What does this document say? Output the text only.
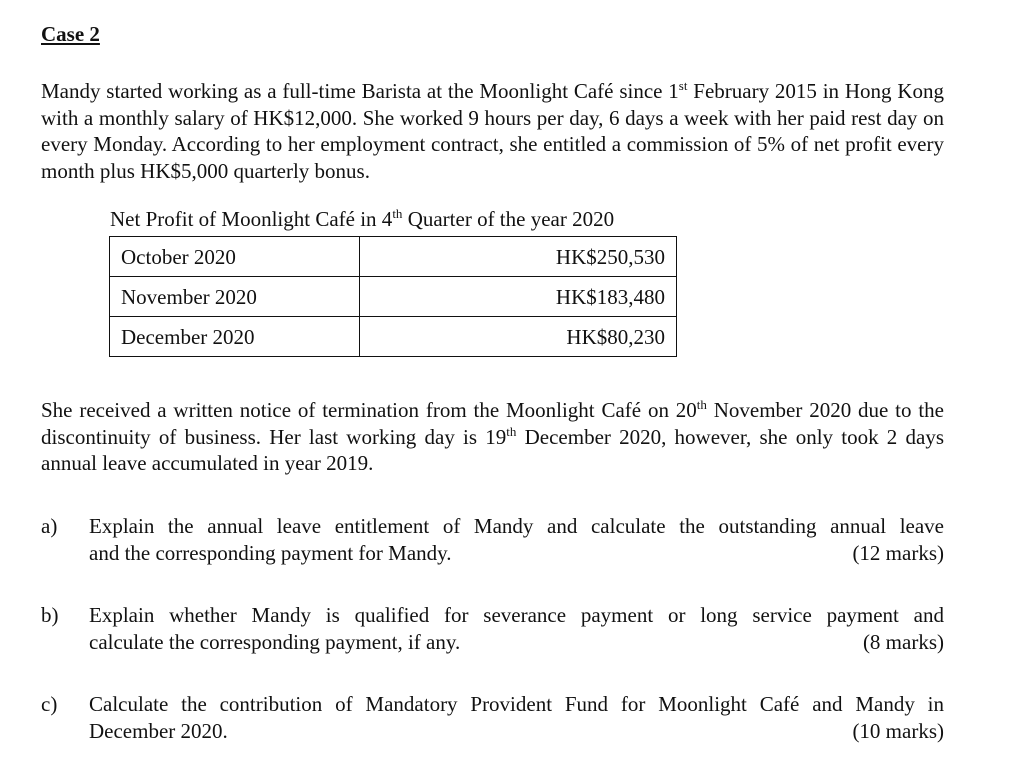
Case 2
Mandy started working as a full-time Barista at the Moonlight Café since 1st February 2015 in Hong Kong with a monthly salary of HK$12,000. She worked 9 hours per day, 6 days a week with her paid rest day on every Monday. According to her employment contract, she entitled a commission of 5% of net profit every month plus HK$5,000 quarterly bonus.
Net Profit of Moonlight Café in 4th Quarter of the year 2020
October 2020	HK$250,530
November 2020	HK$183,480
December 2020	HK$80,230
She received a written notice of termination from the Moonlight Café on 20th November 2020 due to the discontinuity of business. Her last working day is 19th December 2020, however, she only took 2 days annual leave accumulated in year 2019.
a) Explain the annual leave entitlement of Mandy and calculate the outstanding annual leave
and the corresponding payment for Mandy.	(12 marks)
b) Explain whether Mandy is qualified for severance payment or long service payment and
calculate the corresponding payment, if any.	(8 marks)
c) Calculate the contribution of Mandatory Provident Fund for Moonlight Café and Mandy in
December 2020.	(10 marks)
